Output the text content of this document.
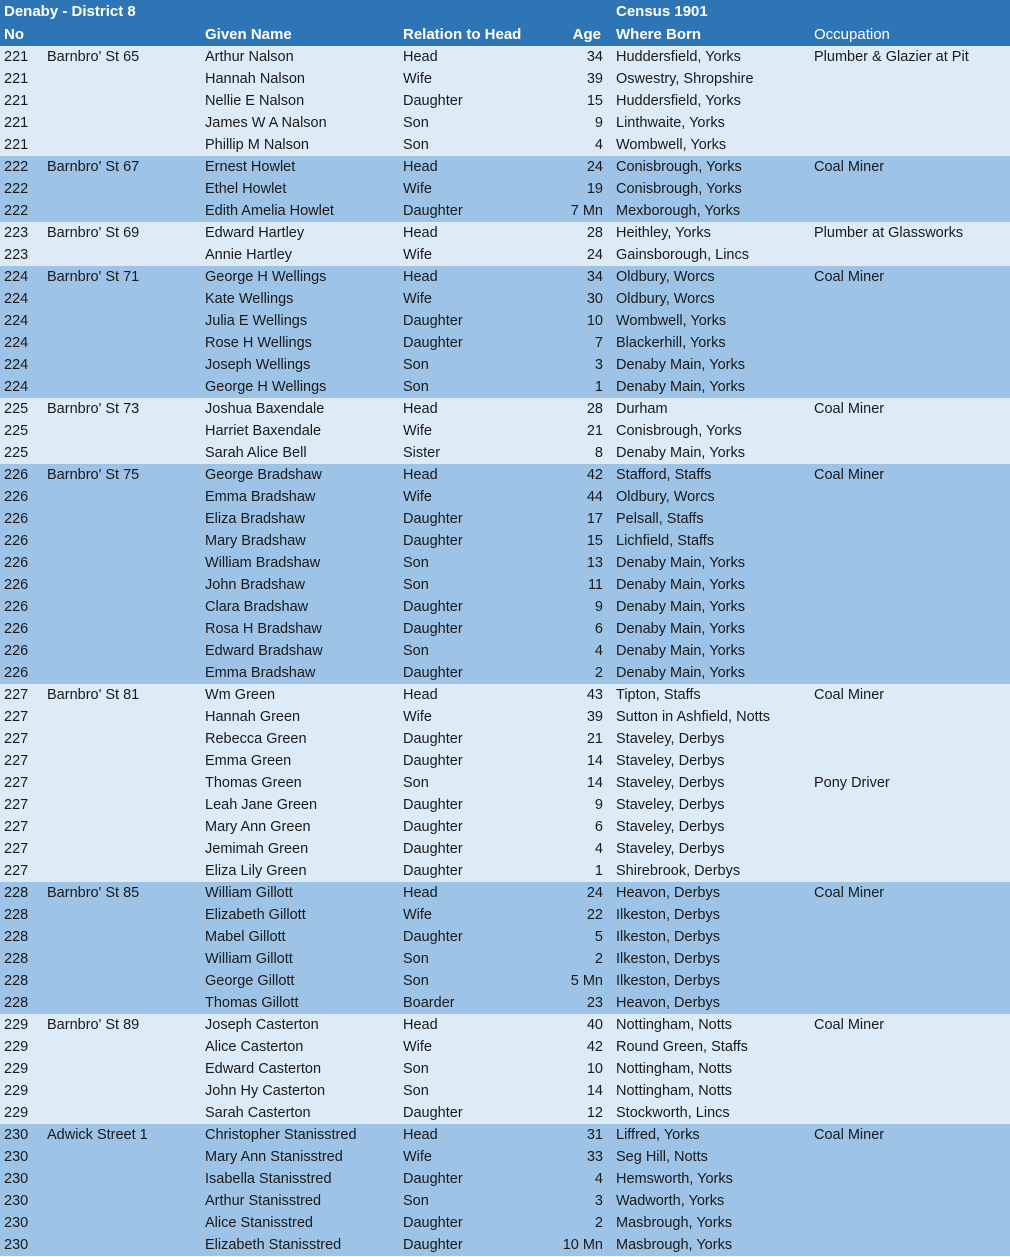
Denaby - District 8	Census 1901
No	Given Name	Relation to Head	Age Where Born	Occupation
221 Barnbro' St 65	Arthur Nalson	Head	34 Huddersfield, Yorks	Plumber & Glazier at Pit
221	Hannah Nalson	Wife	39 Oswestry, Shropshire
221	Nellie E Nalson	Daughter	15 Huddersfield, Yorks
221	James W A Nalson	Son	9 Linthwaite, Yorks
221	Phillip M Nalson	Son	4 Wombwell, Yorks
222 Barnbro' St 67	Ernest Howlet	Head	24 Conisbrough, Yorks	Coal Miner
222	Ethel Howlet	Wife	19 Conisbrough, Yorks
222	Edith Amelia Howlet	Daughter	7 Mn Mexborough, Yorks
223 Barnbro' St 69	Edward Hartley	Head	28 Heithley, Yorks	Plumber at Glassworks
223	Annie Hartley	Wife	24 Gainsborough, Lincs
224 Barnbro' St 71	George H Wellings	Head	34 Oldbury, Worcs	Coal Miner
224	Kate Wellings	Wife	30 Oldbury, Worcs
224	Julia E Wellings	Daughter	10 Wombwell, Yorks
224	Rose H Wellings	Daughter	7 Blackerhill, Yorks
224	Joseph Wellings	Son	3 Denaby Main, Yorks
224	George H Wellings	Son	1 Denaby Main, Yorks
225 Barnbro' St 73	Joshua Baxendale	Head	28 Durham	Coal Miner
225	Harriet Baxendale	Wife	21 Conisbrough, Yorks
225	Sarah Alice Bell	Sister	8 Denaby Main, Yorks
226 Barnbro' St 75	George Bradshaw	Head	42 Stafford, Staffs	Coal Miner
226	Emma Bradshaw	Wife	44 Oldbury, Worcs
226	Eliza Bradshaw	Daughter	17 Pelsall, Staffs
226	Mary Bradshaw	Daughter	15 Lichfield, Staffs
226	William Bradshaw	Son	13 Denaby Main, Yorks
226	John Bradshaw	Son	11 Denaby Main, Yorks
226	Clara Bradshaw	Daughter	9 Denaby Main, Yorks
226	Rosa H Bradshaw	Daughter	6 Denaby Main, Yorks
226	Edward Bradshaw	Son	4 Denaby Main, Yorks
226	Emma Bradshaw	Daughter	2 Denaby Main, Yorks
227 Barnbro' St 81	Wm Green	Head	43 Tipton, Staffs	Coal Miner
227	Hannah Green	Wife	39 Sutton in Ashfield, Notts
227	Rebecca Green	Daughter	21 Staveley, Derbys
227	Emma Green	Daughter	14 Staveley, Derbys
227	Thomas Green	Son	14 Staveley, Derbys	Pony Driver
227	Leah Jane Green	Daughter	9 Staveley, Derbys
227	Mary Ann Green	Daughter	6 Staveley, Derbys
227	Jemimah Green	Daughter	4 Staveley, Derbys
227	Eliza Lily Green	Daughter	1 Shirebrook, Derbys
228 Barnbro' St 85	William Gillott	Head	24 Heavon, Derbys	Coal Miner
228	Elizabeth Gillott	Wife	22 Ilkeston, Derbys
228	Mabel Gillott	Daughter	5 Ilkeston, Derbys
228	William Gillott	Son	2 Ilkeston, Derbys
228	George Gillott	Son	5 Mn Ilkeston, Derbys
228	Thomas Gillott	Boarder	23 Heavon, Derbys
229 Barnbro' St 89	Joseph Casterton	Head	40 Nottingham, Notts	Coal Miner
229	Alice Casterton	Wife	42 Round Green, Staffs
229	Edward Casterton	Son	10 Nottingham, Notts
229	John Hy Casterton	Son	14 Nottingham, Notts
229	Sarah Casterton	Daughter	12 Stockworth, Lincs
230 Adwick Street 1	Christopher Stanisstred	Head	31 Liffred, Yorks	Coal Miner
230	Mary Ann Stanisstred	Wife	33 Seg Hill, Notts
230	Isabella Stanisstred	Daughter	4 Hemsworth, Yorks
230	Arthur Stanisstred	Son	3 Wadworth, Yorks
230	Alice Stanisstred	Daughter	2 Masbrough, Yorks
230	Elizabeth Stanisstred	Daughter	10 Mn Masbrough, Yorks
